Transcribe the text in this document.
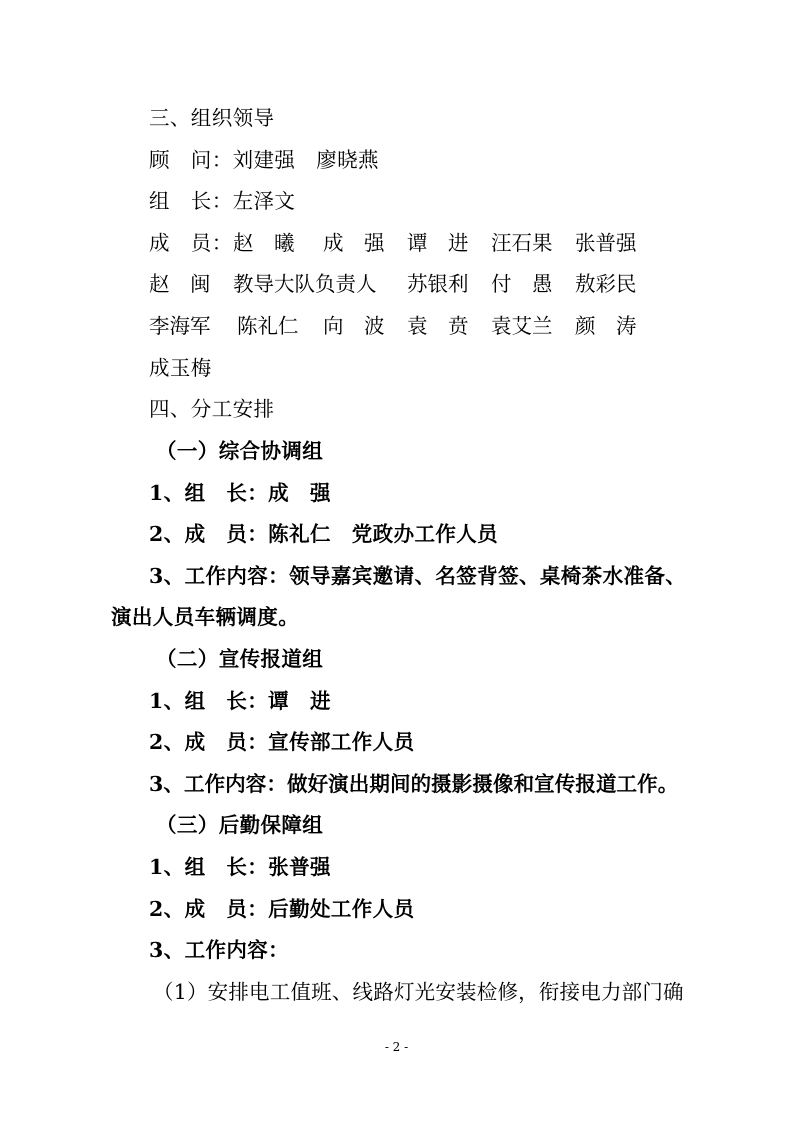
三、组织领导
顾　问：刘建强　廖晓燕
组　长：左泽文
成　员： 赵　曦 成　强 谭　进 汪石果 张普强
赵　闽 教导大队负责人 苏银利 付　愚 敖彩民
李海军 陈礼仁 向　波 袁　贲 袁艾兰 颜　涛
成玉梅
四、分工安排
（一）综合协调组
1、组　长：成　强
2、成　员：陈礼仁　党政办工作人员
3、工作内容：领导嘉宾邀请、名签背签、桌椅茶水准备、
演出人员车辆调度。
（二）宣传报道组
1、组　长：谭　进
2、成　员：宣传部工作人员
3、工作内容：做好演出期间的摄影摄像和宣传报道工作。
（三）后勤保障组
1、组　长：张普强
2、成　员：后勤处工作人员
3、工作内容：
（1）安排电工值班、线路灯光安装检修，衔接电力部门确
- 2 -
